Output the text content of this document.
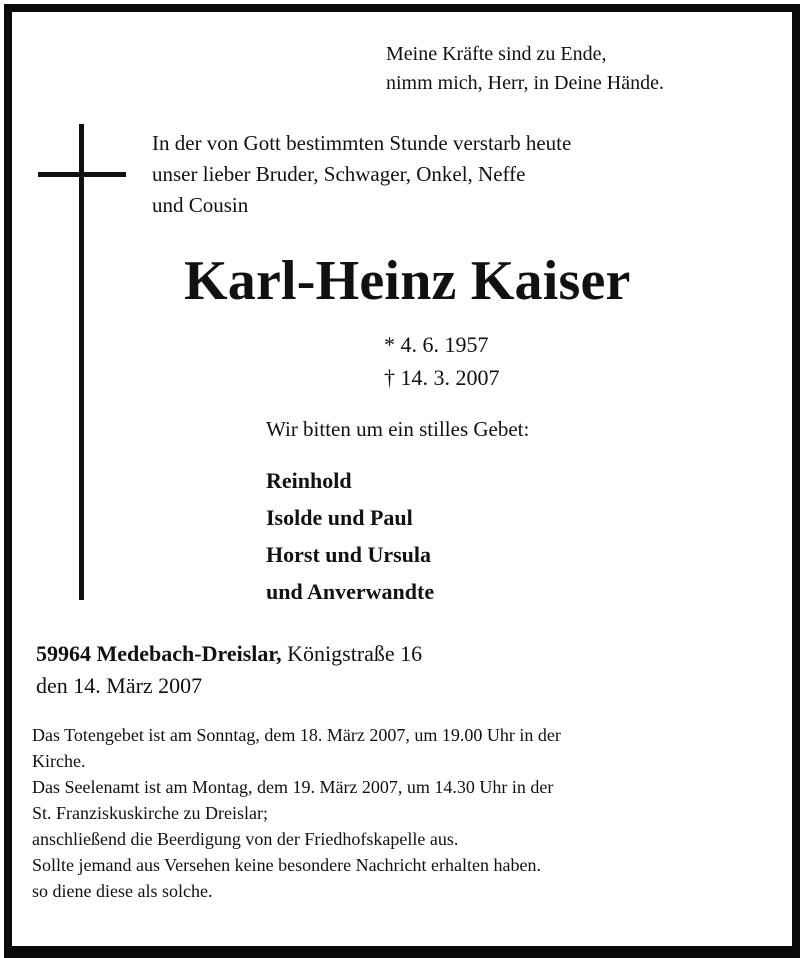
Meine Kräfte sind zu Ende,
nimm mich, Herr, in Deine Hände.
In der von Gott bestimmten Stunde verstarb heute
unser lieber Bruder, Schwager, Onkel, Neffe
und Cousin
Karl-Heinz Kaiser
* 4. 6. 1957
† 14. 3. 2007
Wir bitten um ein stilles Gebet:
Reinhold
Isolde und Paul
Horst und Ursula
und Anverwandte
59964 Medebach-Dreislar, Königstraße 16
den 14. März 2007
Das Totengebet ist am Sonntag, dem 18. März 2007, um 19.00 Uhr in der
Kirche.
Das Seelenamt ist am Montag, dem 19. März 2007, um 14.30 Uhr in der
St. Franziskuskirche zu Dreislar;
anschließend die Beerdigung von der Friedhofskapelle aus.
Sollte jemand aus Versehen keine besondere Nachricht erhalten haben.
so diene diese als solche.
